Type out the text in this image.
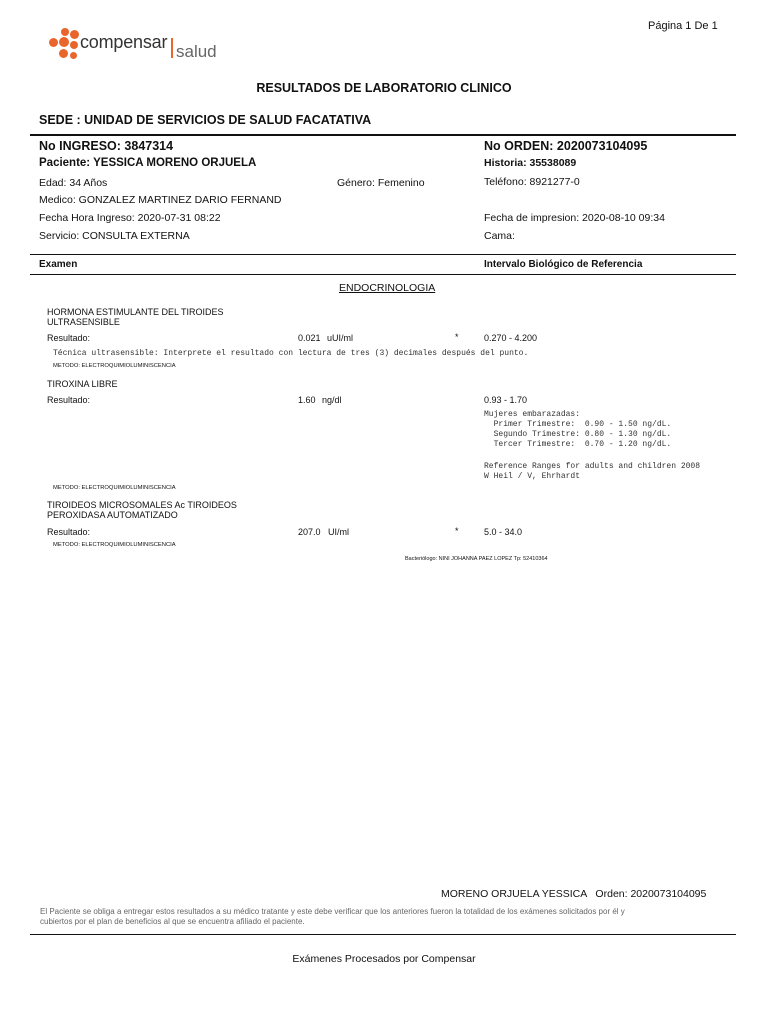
Página 1 De 1
compensar salud
RESULTADOS DE LABORATORIO CLINICO
SEDE : UNIDAD DE SERVICIOS DE SALUD FACATATIVA
No INGRESO: 3847314	No ORDEN: 2020073104095
Paciente: YESSICA MORENO ORJUELA	Historia: 35538089
Edad: 34 Años	Género: Femenino	Teléfono: 8921277-0
Medico: GONZALEZ MARTINEZ DARIO FERNAND
Fecha Hora Ingreso: 2020-07-31 08:22	Fecha de impresion: 2020-08-10 09:34
Servicio: CONSULTA EXTERNA	Cama:
Examen	Intervalo Biológico de Referencia
ENDOCRINOLOGIA
HORMONA ESTIMULANTE DEL TIROIDES
ULTRASENSIBLE
Resultado:	0.021 uUI/ml	*	0.270 - 4.200
Técnica ultrasensible: Interprete el resultado con lectura de tres (3) decimales después del punto.
METODO: ELECTROQUIMIOLUMINISCENCIA
TIROXINA LIBRE
Resultado:	1.60 ng/dl	0.93 - 1.70
Mujeres embarazadas:
Primer Trimestre:  0.90 - 1.50 ng/dL.
Segundo Trimestre: 0.80 - 1.30 ng/dL.
Tercer Trimestre:  0.70 - 1.20 ng/dL.
Reference Ranges for adults and children 2008
W Heil / V, Ehrhardt
METODO: ELECTROQUIMIOLUMINISCENCIA
TIROIDEOS MICROSOMALES Ac TIROIDEOS
PEROXIDASA AUTOMATIZADO
Resultado:	207.0 UI/ml	*	5.0 - 34.0
METODO: ELECTROQUIMIOLUMINISCENCIA
Bacteriólogo: NINI JOHANNA PAEZ LOPEZ Tp: 52410364
MORENO ORJUELA YESSICA   Orden: 2020073104095
El Paciente se obliga a entregar estos resultados a su médico tratante y este debe verificar que los anteriores fueron la totalidad de los exámenes solicitados por él y
cubiertos por el plan de beneficios al que se encuentra afiliado el paciente.
Exámenes Procesados por Compensar
